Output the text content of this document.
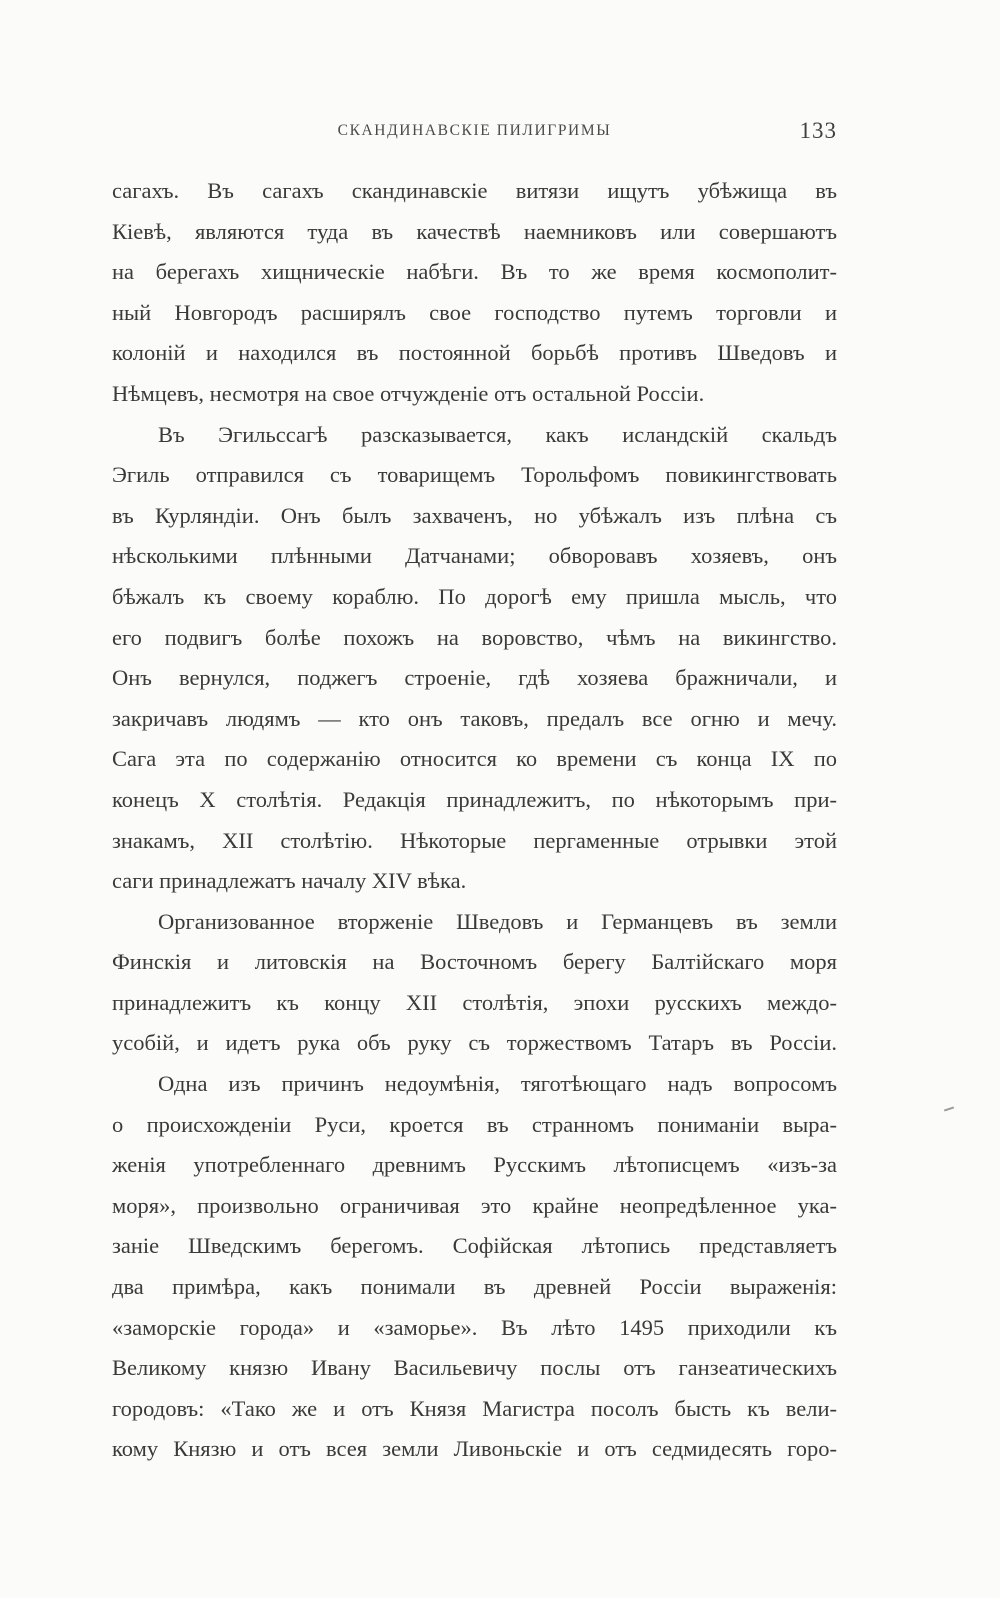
СКАНДИНАВСКІЕ ПИЛИГРИМЫ	133
сагахъ. Въ сагахъ скандинавскіе витязи ищутъ убѣжища въ
Кіевѣ, являются туда въ качествѣ наемниковъ или совершаютъ
на берегахъ хищническіе набѣги. Въ то же время космополит-
ный Новгородъ расширялъ свое господство путемъ торговли и
колоній и находился въ постоянной борьбѣ противъ Шведовъ и
Нѣмцевъ, несмотря на свое отчужденіе отъ остальной Россіи.
Въ Эгильссагѣ разсказывается, какъ исландскій скальдъ
Эгиль отправился съ товарищемъ Торольфомъ повикингствовать
въ Курляндіи. Онъ былъ захваченъ, но убѣжалъ изъ плѣна съ
нѣсколькими плѣнными Датчанами; обворовавъ хозяевъ, онъ
бѣжалъ къ своему кораблю. По дорогѣ ему пришла мысль, что
его подвигъ болѣе похожъ на воровство, чѣмъ на викингство.
Онъ вернулся, поджегъ строеніе, гдѣ хозяева бражничали, и
закричавъ людямъ — кто онъ таковъ, предалъ все огню и мечу.
Сага эта по содержанію относится ко времени съ конца IX по
конецъ X столѣтія. Редакція принадлежитъ, по нѣкоторымъ при-
знакамъ, XII столѣтію. Нѣкоторые пергаменные отрывки этой
саги принадлежатъ началу XIV вѣка.
Организованное вторженіе Шведовъ и Германцевъ въ земли
Финскія и литовскія на Восточномъ берегу Балтійскаго моря
принадлежитъ къ концу XII столѣтія, эпохи русскихъ междо-
усобій, и идетъ рука объ руку съ торжествомъ Татаръ въ Россіи.
Одна изъ причинъ недоумѣнія, тяготѣющаго надъ вопросомъ
о происхожденіи Руси, кроется въ странномъ пониманіи выра-
женія употребленнаго древнимъ Русскимъ лѣтописцемъ «изъ-за
моря», произвольно ограничивая это крайне неопредѣленное ука-
заніе Шведскимъ берегомъ. Софійская лѣтопись представляетъ
два примѣра, какъ понимали въ древней Россіи выраженія:
«заморскіе города» и «заморье». Въ лѣто 1495 приходили къ
Великому князю Ивану Васильевичу послы отъ ганзеатическихъ
городовъ: «Тако же и отъ Князя Магистра посолъ бысть къ вели-
кому Князю и отъ всея земли Ливоньскіе и отъ седмидесять горо-
